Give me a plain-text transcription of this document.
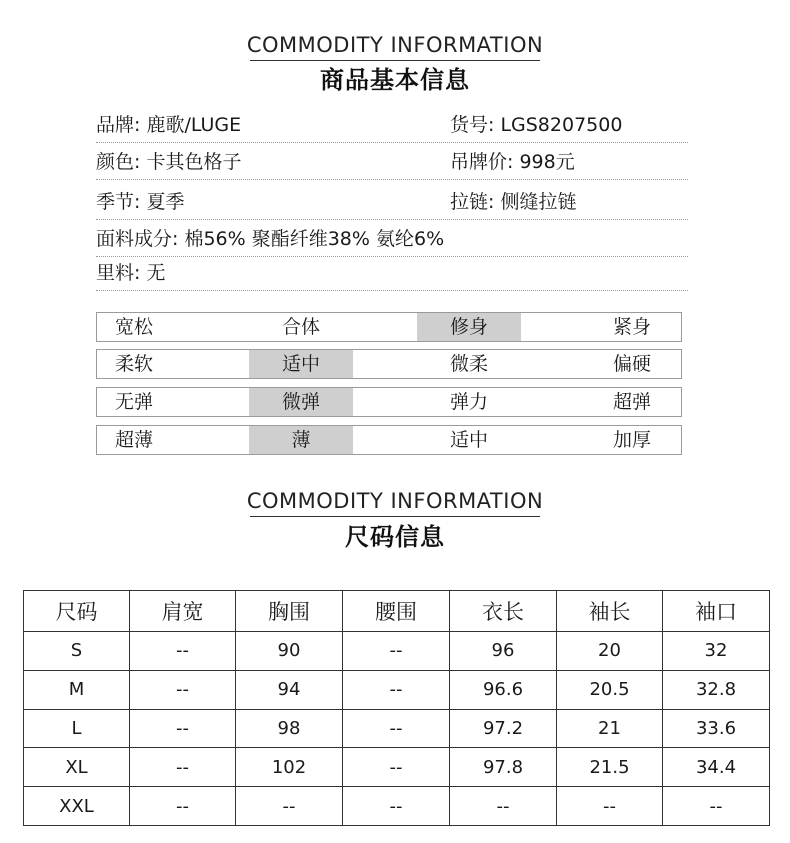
COMMODITY INFORMATION
商品基本信息
品牌: 鹿歌/LUGE	货号: LGS8207500
颜色: 卡其色格子	吊牌价: 998元
季节: 夏季	拉链: 侧缝拉链
面料成分: 棉56% 聚酯纤维38% 氨纶6%
里料: 无
宽松	合体	修身	紧身
柔软	适中	微柔	偏硬
无弹	微弹	弹力	超弹
超薄	薄	适中	加厚
COMMODITY INFORMATION
尺码信息
尺码	肩宽	胸围	腰围	衣长	袖长	袖口
S	--	90	--	96	20	32
M	--	94	--	96.6	20.5	32.8
L	--	98	--	97.2	21	33.6
XL	--	102	--	97.8	21.5	34.4
XXL	--	--	--	--	--	--
